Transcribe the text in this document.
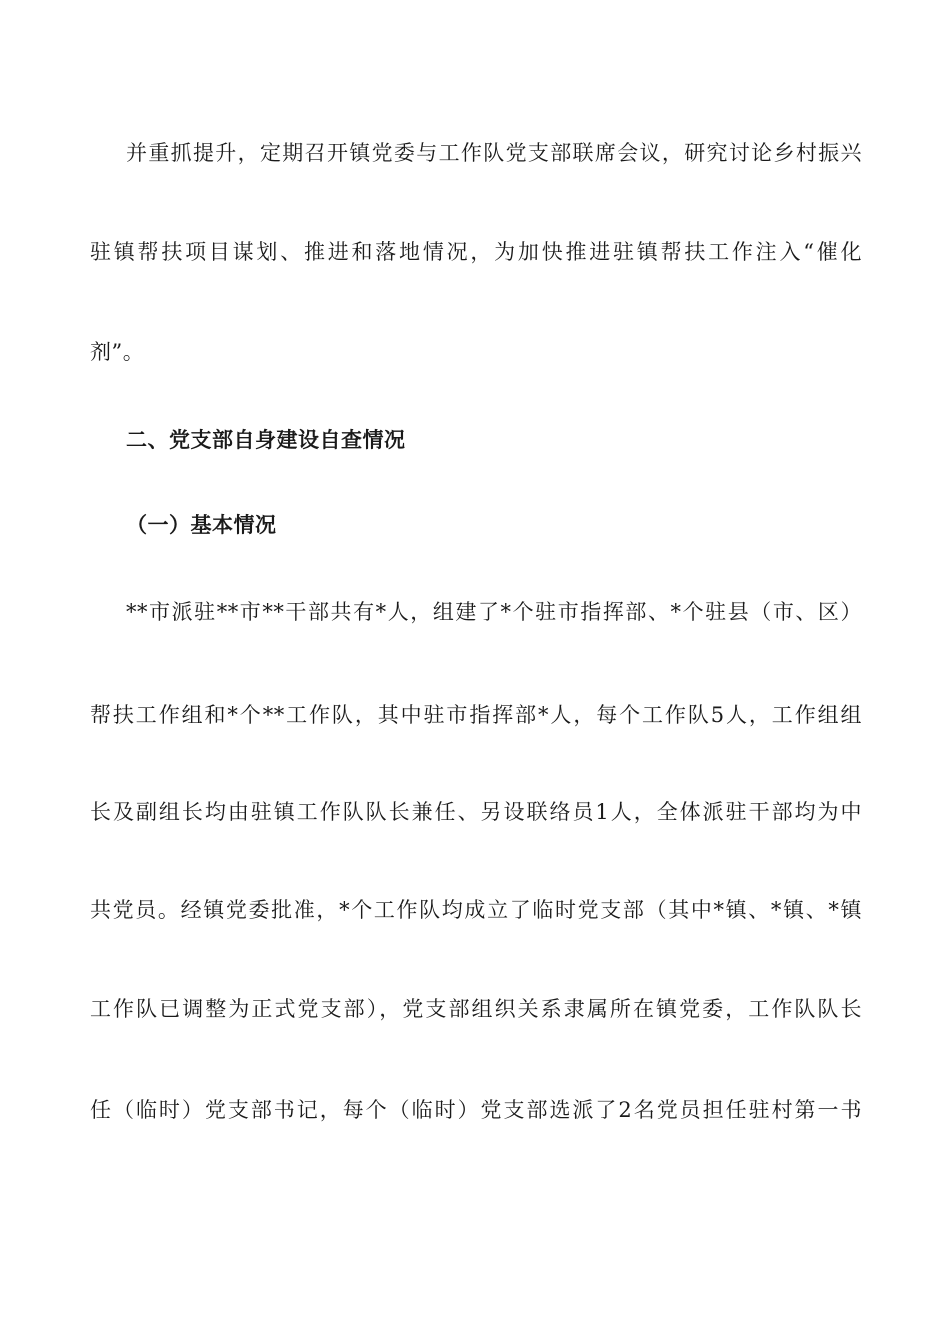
并重抓提升，定期召开镇党委与工作队党支部联席会议，研究讨论乡村振兴
驻镇帮扶项目谋划、推进和落地情况，为加快推进驻镇帮扶工作注入“催化
剂”。
二、党支部自身建设自查情况
（一）基本情况
**市派驻**市**干部共有*人，组建了*个驻市指挥部、*个驻县（市、区）
帮扶工作组和*个**工作队，其中驻市指挥部*人，每个工作队5人，工作组组
长及副组长均由驻镇工作队队长兼任、另设联络员1人，全体派驻干部均为中
共党员。经镇党委批准，*个工作队均成立了临时党支部（其中*镇、*镇、*镇
工作队已调整为正式党支部），党支部组织关系隶属所在镇党委，工作队队长
任（临时）党支部书记，每个（临时）党支部选派了2名党员担任驻村第一书
